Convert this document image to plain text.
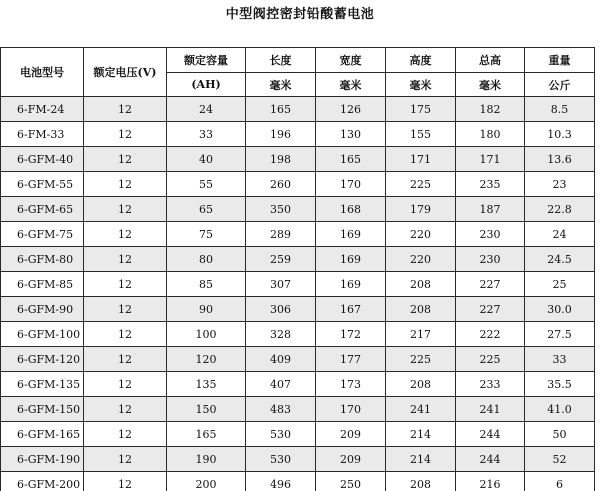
中型阀控密封铅酸蓄电池
电池型号	额定电压(V)	额定容量	长度	宽度	高度	总高	重量
		(AH)	毫米	毫米	毫米	毫米	公斤
6-FM-24	12	24	165	126	175	182	8.5
6-FM-33	12	33	196	130	155	180	10.3
6-GFM-40	12	40	198	165	171	171	13.6
6-GFM-55	12	55	260	170	225	235	23
6-GFM-65	12	65	350	168	179	187	22.8
6-GFM-75	12	75	289	169	220	230	24
6-GFM-80	12	80	259	169	220	230	24.5
6-GFM-85	12	85	307	169	208	227	25
6-GFM-90	12	90	306	167	208	227	30.0
6-GFM-100	12	100	328	172	217	222	27.5
6-GFM-120	12	120	409	177	225	225	33
6-GFM-135	12	135	407	173	208	233	35.5
6-GFM-150	12	150	483	170	241	241	41.0
6-GFM-165	12	165	530	209	214	244	50
6-GFM-190	12	190	530	209	214	244	52
6-GFM-200	12	200	496	250	208	216	6
